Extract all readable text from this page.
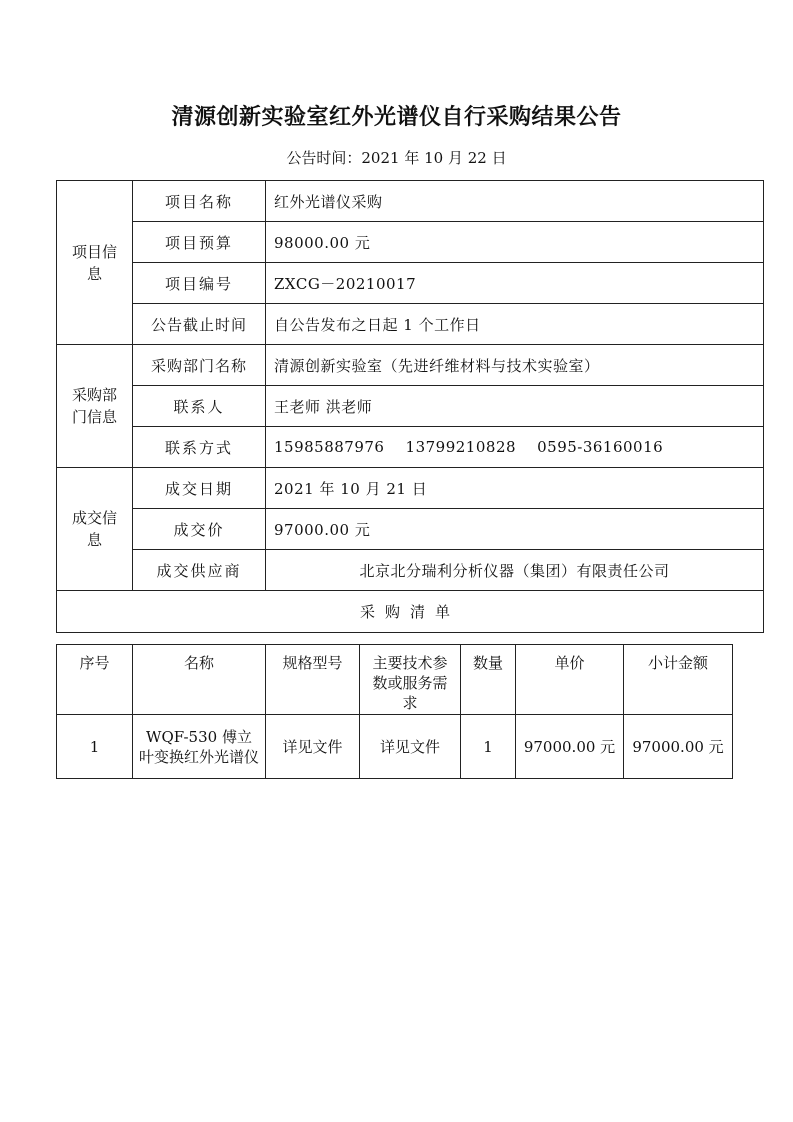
清源创新实验室红外光谱仪自行采购结果公告
公告时间：2021 年 10 月 22 日
项目信息	项目名称	红外光谱仪采购
	项目预算	98000.00 元
	项目编号	ZXCG－20210017
	公告截止时间	自公告发布之日起 1 个工作日
采购部门信息	采购部门名称	清源创新实验室（先进纤维材料与技术实验室）
	联系人	王老师 洪老师
	联系方式	15985887976    13799210828    0595-36160016
成交信息	成交日期	2021 年 10 月 21 日
	成交价	97000.00 元
	成交供应商	北京北分瑞利分析仪器（集团）有限责任公司
采购清单		
序号	名称	规格型号	主要技术参数或服务需求	数量	单价	小计金额
1	WQF-530 傅立叶变换红外光谱仪	详见文件	详见文件	1	97000.00 元	97000.00 元
